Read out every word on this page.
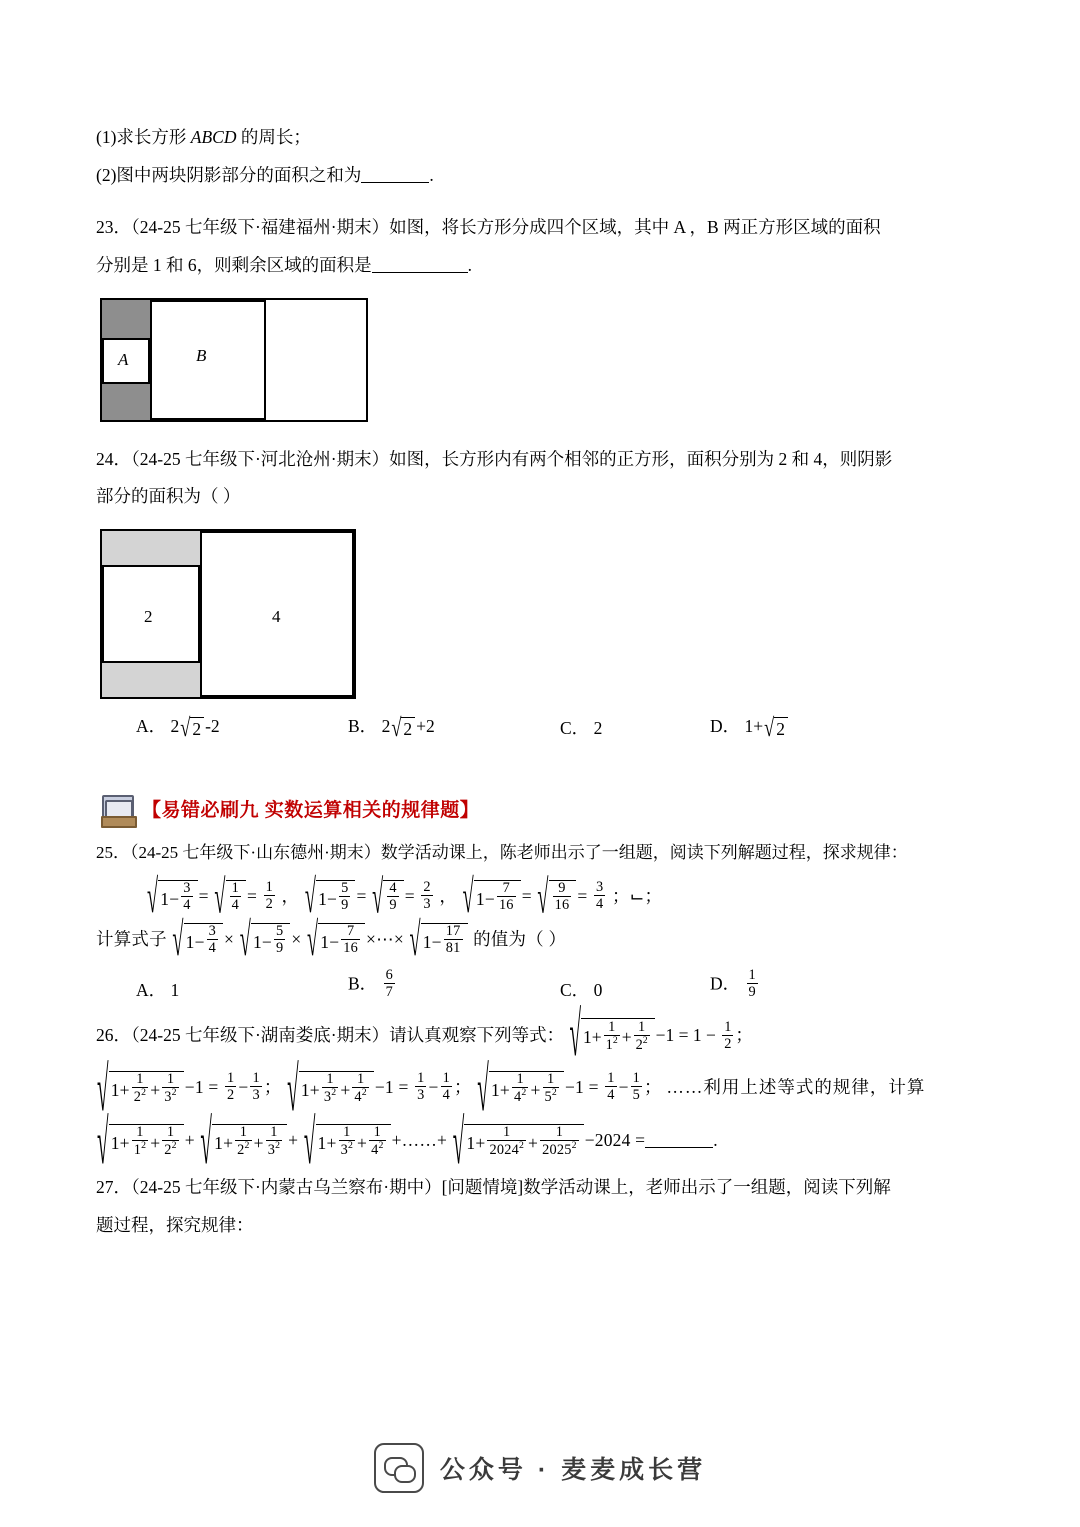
(1)求长方形 ABCD 的周长；
(2)图中两块阴影部分的面积之和为	.
23．（24-25 七年级下·福建福州·期末）如图，将长方形分成四个区域，其中 A ，B 两正方形区域的面积
分别是 1 和 6，则剩余区域的面积是	.
A	B
24．（24-25 七年级下·河北沧州·期末）如图，长方形内有两个相邻的正方形，面积分别为 2 和 4，则阴影
部分的面积为（ ）
2	4
A． 2 √ 2 -2	B． 2 √ 2 +2	C． 2	D． 1+ √ 2
【易错必刷九 实数运算相关的规律题】
25．（24-25 七年级下·山东德州·期末）数学活动课上，陈老师出示了一组题，阅读下列解题过程，探求规律：
√ $1- \frac{3}{4}$ = √ $\frac{1}{4} = \frac{1}{2}$ ， √ $1- \frac{5}{9}$ = √ $\frac{4}{9} = \frac{2}{3}$ ， √ $1- \frac{7}{16}$ = √ $\frac{9}{16} = \frac{3}{4}$ ；⌙；
计算式子 √ $1- \frac{3}{4}$ × √ $1- \frac{5}{9}$ × √ $1- \frac{7}{16}$ ×⋯× √ $1- \frac{17}{81}$ 的值为（ ）
A． 1	B． $\frac{6}{7}$	C． 0	D． $\frac{1}{9}$
26．（24-25 七年级下·湖南娄底·期末）请认真观察下列等式： √ $1+ \frac{1}{1^2} + \frac{1}{2^2} -1 = 1 - \frac{1}{2}$ ；
√ $1+ \frac{1}{2^2} + \frac{1}{3^2} -1 = \frac{1}{2} - \frac{1}{3}$ ； √ $1+ \frac{1}{3^2} + \frac{1}{4^2} -1 = \frac{1}{3} - \frac{1}{4}$ ； √ $1+ \frac{1}{4^2} + \frac{1}{5^2} -1 = \frac{1}{4} - \frac{1}{5}$ ； ……利用上述等式的规律，计算
√ $1+ \frac{1}{1^2} + \frac{1}{2^2}$ + √ $1+ \frac{1}{2^2} + \frac{1}{3^2}$ + √ $1+ \frac{1}{3^2} + \frac{1}{4^2}$ +……+ √ $1+ \frac{1}{2024^2} + \frac{1}{2025^2} -2024$ =	.
27．（24-25 七年级下·内蒙古乌兰察布·期中）[问题情境]数学活动课上，老师出示了一组题，阅读下列解
题过程，探究规律：
公众号 · 麦麦成长营
